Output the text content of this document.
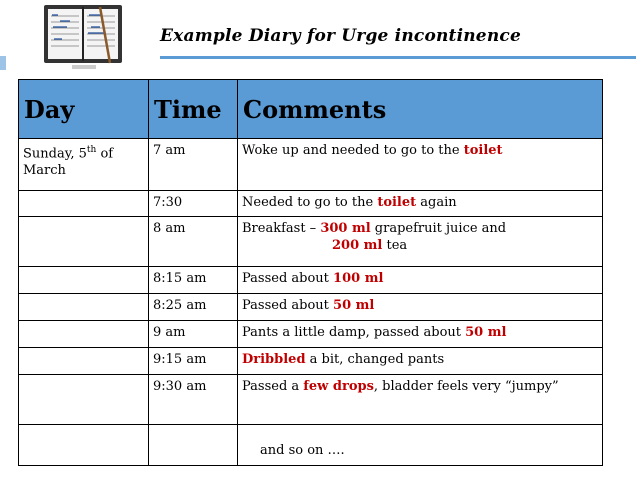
Example Diary for Urge incontinence
Day	Time	Comments
Sunday, 5th of March	7 am	Woke up and needed to go to the toilet
	7:30	Needed to go to the toilet again
	8 am	Breakfast – 300 ml grapefruit juice and
200 ml tea
	8:15 am	Passed about 100 ml
	8:25 am	Passed about 50 ml
	9 am	Pants a little damp, passed about 50 ml
	9:15 am	Dribbled a bit, changed pants
	9:30 am	Passed a few drops, bladder feels very “jumpy”
		and so on ….
